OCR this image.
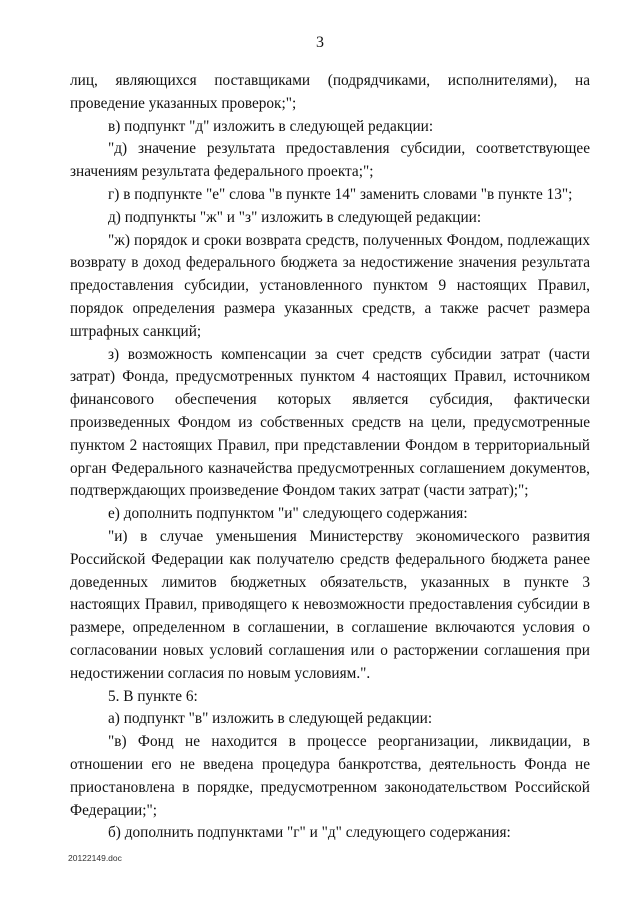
3

лиц, являющихся поставщиками (подрядчиками, исполнителями), на проведение указанных проверок;";

в) подпункт "д" изложить в следующей редакции:

"д) значение результата предоставления субсидии, соответствующее значениям результата федерального проекта;";

г) в подпункте "е" слова "в пункте 14" заменить словами "в пункте 13";

д) подпункты "ж" и "з" изложить в следующей редакции:

"ж) порядок и сроки возврата средств, полученных Фондом, подлежащих возврату в доход федерального бюджета за недостижение значения результата предоставления субсидии, установленного пунктом 9 настоящих Правил, порядок определения размера указанных средств, а также расчет размера штрафных санкций;

з) возможность компенсации за счет средств субсидии затрат (части затрат) Фонда, предусмотренных пунктом 4 настоящих Правил, источником финансового обеспечения которых является субсидия, фактически произведенных Фондом из собственных средств на цели, предусмотренные пунктом 2 настоящих Правил, при представлении Фондом в территориальный орган Федерального казначейства предусмотренных соглашением документов, подтверждающих произведение Фондом таких затрат (части затрат);";

е) дополнить подпунктом "и" следующего содержания:

"и) в случае уменьшения Министерству экономического развития Российской Федерации как получателю средств федерального бюджета ранее доведенных лимитов бюджетных обязательств, указанных в пункте 3 настоящих Правил, приводящего к невозможности предоставления субсидии в размере, определенном в соглашении, в соглашение включаются условия о согласовании новых условий соглашения или о расторжении соглашения при недостижении согласия по новым условиям.".

5. В пункте 6:

а) подпункт "в" изложить в следующей редакции:

"в) Фонд не находится в процессе реорганизации, ликвидации, в отношении его не введена процедура банкротства, деятельность Фонда не приостановлена в порядке, предусмотренном законодательством Российской Федерации;";

б) дополнить подпунктами "г" и "д" следующего содержания:

20122149.doc
